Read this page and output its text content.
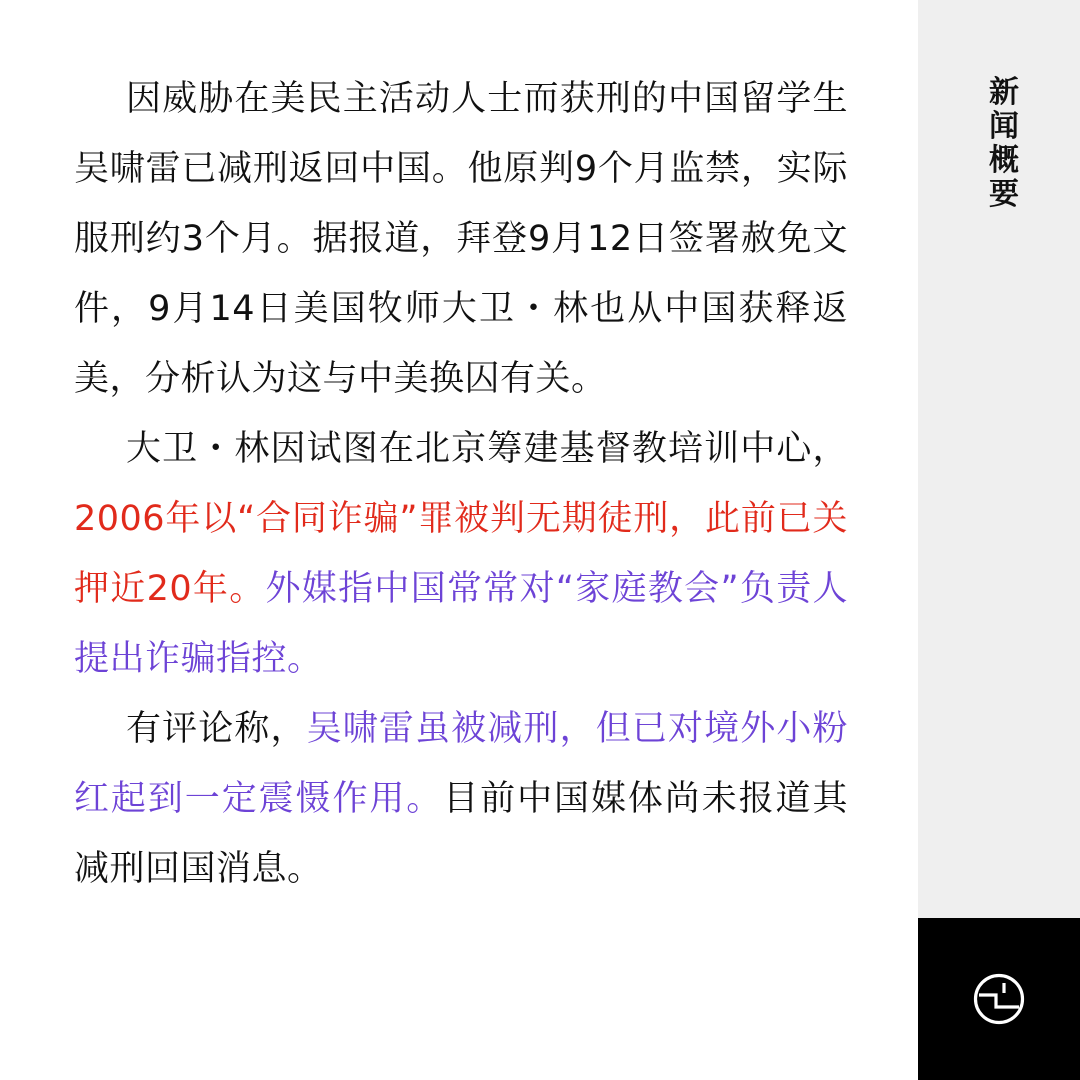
因威胁在美民主活动人士而获刑的中国留学生吴啸雷已减刑返回中国。他原判9个月监禁，实际服刑约3个月。据报道，拜登9月12日签署赦免文件，9月14日美国牧师大卫・林也从中国获释返美，分析认为这与中美换囚有关。

大卫・林因试图在北京筹建基督教培训中心，2006年以“合同诈骗”罪被判无期徒刑，此前已关押近20年。外媒指中国常常对“家庭教会”负责人提出诈骗指控。

有评论称，吴啸雷虽被减刑，但已对境外小粉红起到一定震慑作用。目前中国媒体尚未报道其减刑回国消息。

新闻概要
